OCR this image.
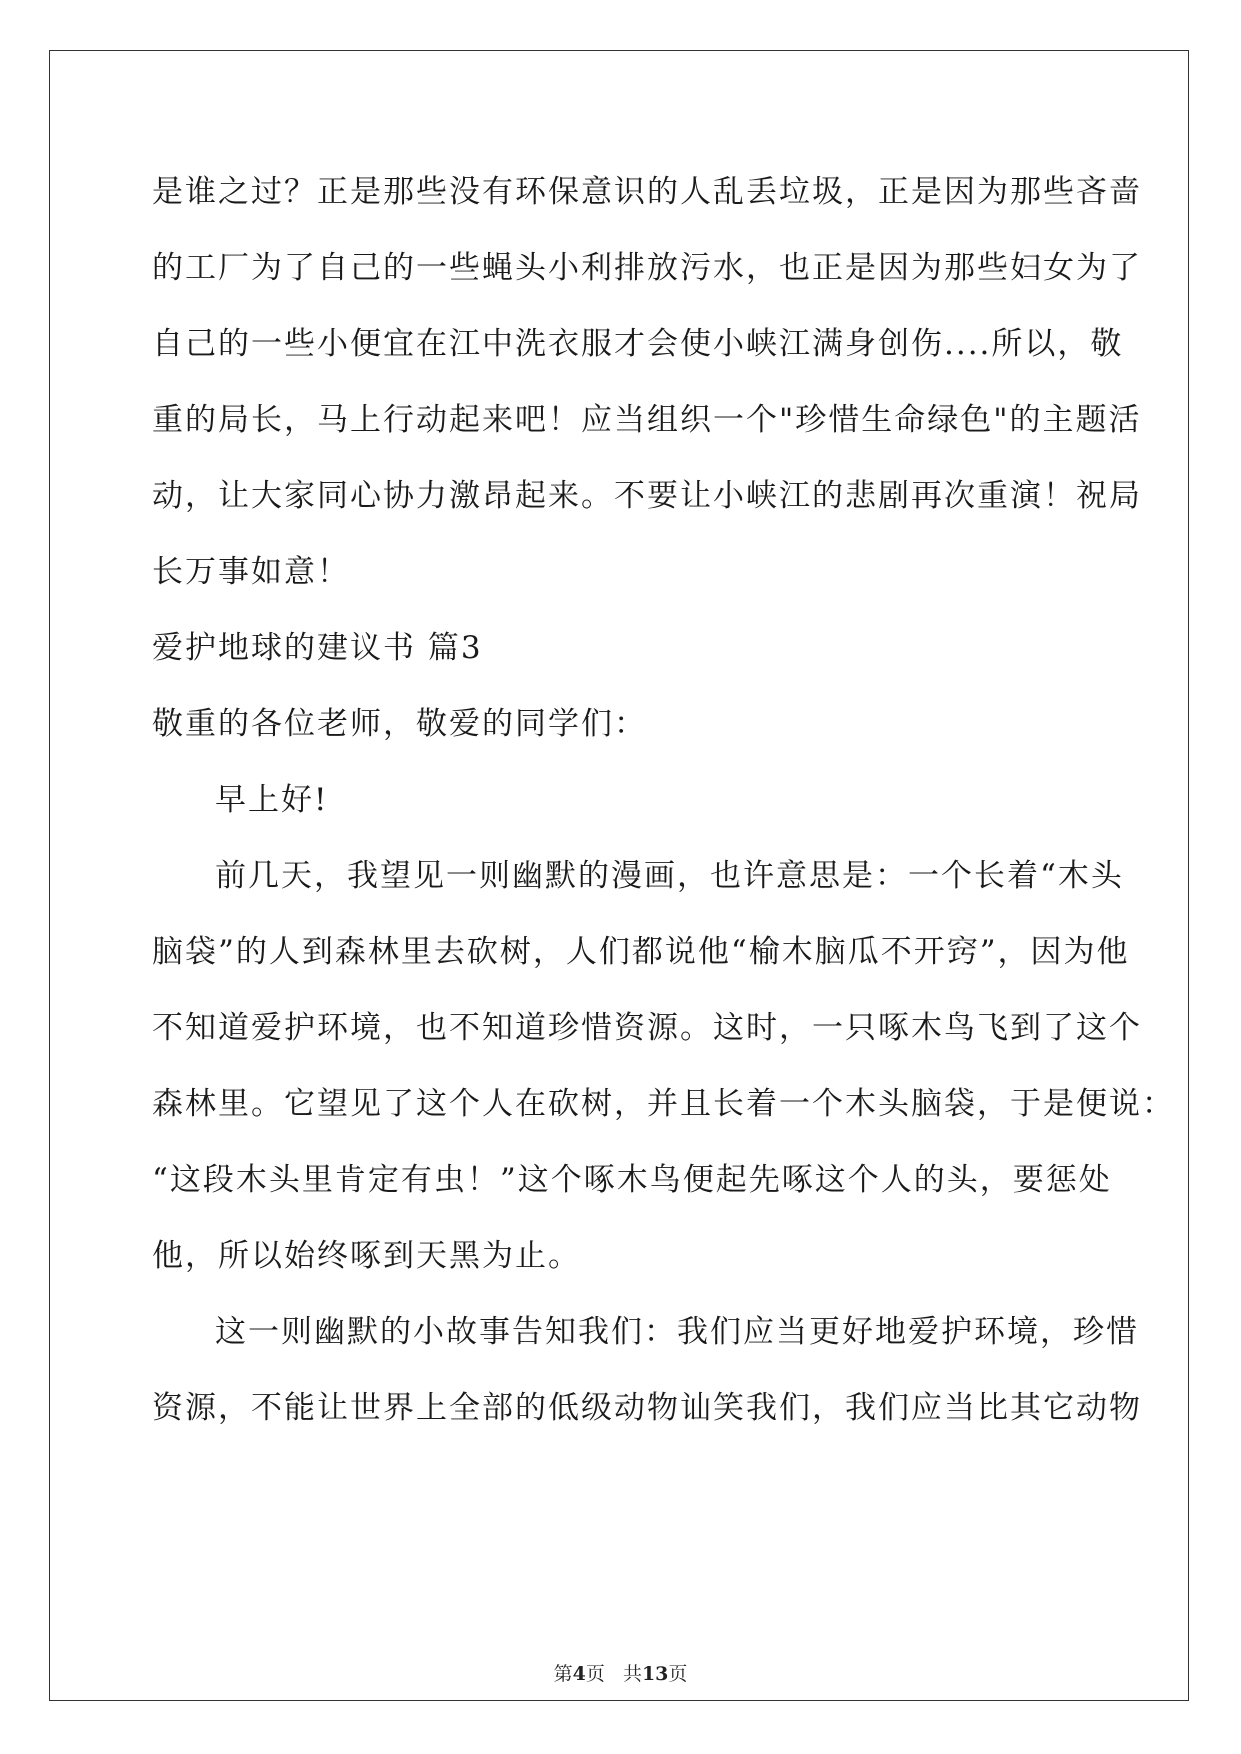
是谁之过？正是那些没有环保意识的人乱丢垃圾，正是因为那些吝啬
的工厂为了自己的一些蝇头小利排放污水，也正是因为那些妇女为了
自己的一些小便宜在江中洗衣服才会使小峡江满身创伤....所以，敬
重的局长，马上行动起来吧！应当组织一个"珍惜生命绿色"的主题活
动，让大家同心协力激昂起来。不要让小峡江的悲剧再次重演！祝局
长万事如意！
爱护地球的建议书 篇3
敬重的各位老师，敬爱的同学们：
早上好!
前几天，我望见一则幽默的漫画，也许意思是：一个长着“木头
脑袋”的人到森林里去砍树，人们都说他“榆木脑瓜不开窍”，因为他
不知道爱护环境，也不知道珍惜资源。这时，一只啄木鸟飞到了这个
森林里。它望见了这个人在砍树，并且长着一个木头脑袋，于是便说：
“这段木头里肯定有虫！”这个啄木鸟便起先啄这个人的头，要惩处
他，所以始终啄到天黑为止。
这一则幽默的小故事告知我们：我们应当更好地爱护环境，珍惜
资源，不能让世界上全部的低级动物讪笑我们，我们应当比其它动物
第4页   共13页
